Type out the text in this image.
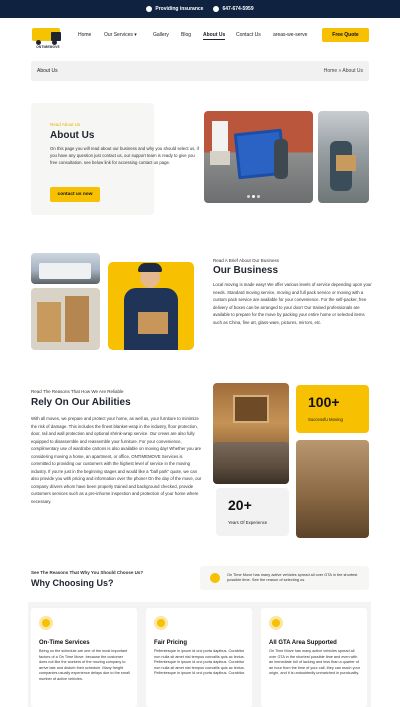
Providing insurance	647-674-5959
ONTIMEMOVE
Home	Our Services ▾	Gallery Blog About Us Contact Us areas-we-serve	Free Quote
About Us	Home » About Us
Read About Us
About Us

On this page you will read about our business and why you should select us, if you have any question just contact us, our support team is ready to give you free consultation. see below link for accessing contact us page.

contact us now
Read A Brief About Our Business
Our Business

Local moving is made easy! We offer various levels of service depending upon your needs. Standard moving service, moving and full pack service or moving with a custom pack service are available for your convenience. For the self-packer, free delivery of boxes can be arranged to your door! Our trained professionals are available to prepare for the move by packing your entire home or selected items such as China, fine art, glass-ware, pictures, mirrors, etc.

Read The Reasons That How We Are Reliable
Rely On Our Abilities

With all moves, we prepare and protect your home, as well as, your furniture to minimize the risk of damage. This includes the finest blanket-wrap in the industry, floor protection, door, rail and wall protection and optional shrink-wrap service. Our crews are also fully equipped to disassemble and reassemble your furniture. For your convenience, complimentary use of wardrobe cartons is also available on moving day! Whether you are considering moving a home, an apartment, or office, ONTIMEMOVE Services is committed to providing our customers with the highest level of service in the moving industry. If you're just in the beginning stages and would like a "ball park" quote, we can also provide you with pricing and information over the phone! On the day of the move, our company drivers whom have been properly trained and background checked, provide customers services such as a pre-inhome inspection and protection of your home where necessary.

100+
Successfu Moving
20+
Years Of Experience
See The Reasons That Why You Should Choose Us?
Why Choosing Us?

On Time Move has many active vehicles spread all over GTA in the shortest possible time. See the reason of selecting us.

On-Time Services

Being on the schedule are one of the most important factors of a On Time Move. because the customer does not like the workers of the moving company to arrive late and disturb their schedule. Many freight companies usually experience delays due to the small number of active vehicles.

Fair Pricing

Pellentesque in ipsum id orci porta dapibus. Curabitur non nulla sit amet nisl tempus convallis quis ac lectus. Pellentesque in ipsum id orci porta dapibus. Curabitur non nulla sit amet nisl tempus convallis quis ac lectus. Pellentesque in ipsum id orci porta dapibus. Curabitur.

All GTA Area Supported

On Time Move has many active vehicles spread all over GTA in the shortest possible time and even with an immediate toll of lacking and less than a quarter of an hour from the time of your call, they can reach your origin, and it is undoubtedly unmatched in punctuality.
